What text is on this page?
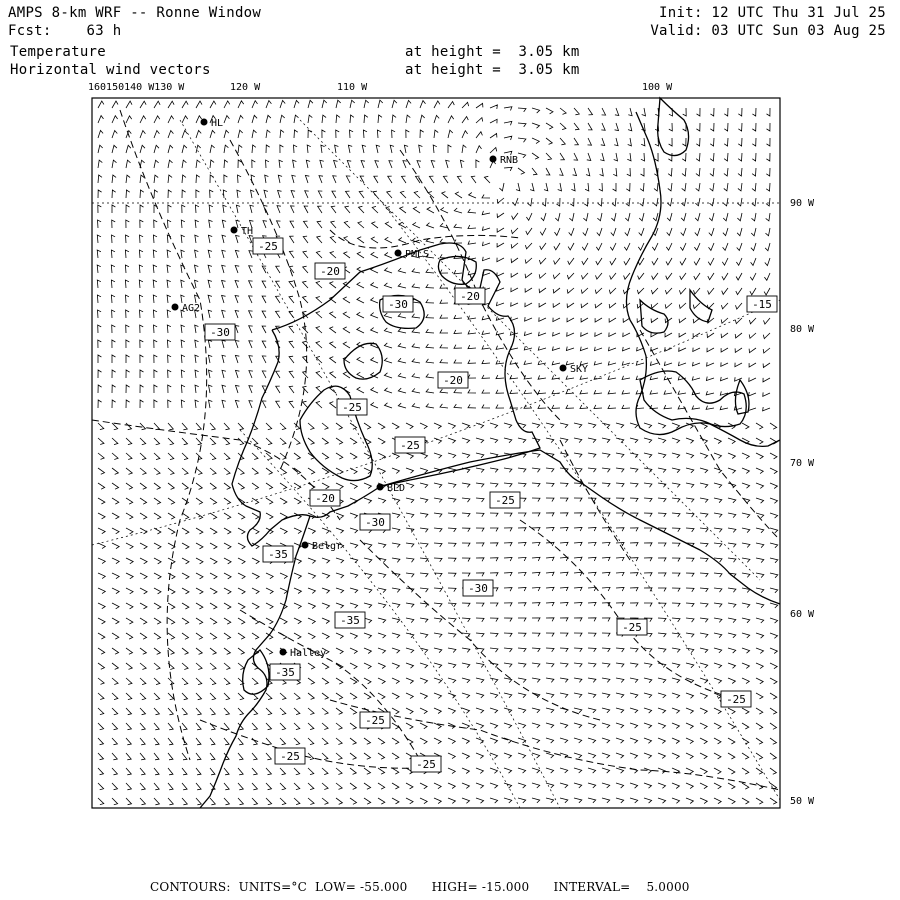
AMPS 8-km WRF -- Ronne Window
Fcst:    63 h
Init: 12 UTC Thu 31 Jul 25
Valid: 03 UTC Sun 03 Aug 25
Temperature
Horizontal wind vectors
at height =  3.05 km
at height =  3.05 km
HL
RNB
TH
PMLS
AG2
SKY
BLD
Belgr
Halley
-25
-20
-30
-20
-15
-20
-25
-25
-25
-20
-30
-35
-30
-35
-35
-25
-30
-25
-25
-25
-25
160150140 W130 W	120 W	110 W	100 W
90 W
80 W
70 W
60 W
50 W
CONTOURS:  UNITS=°C  LOW= -55.000      HIGH= -15.000      INTERVAL=    5.0000
